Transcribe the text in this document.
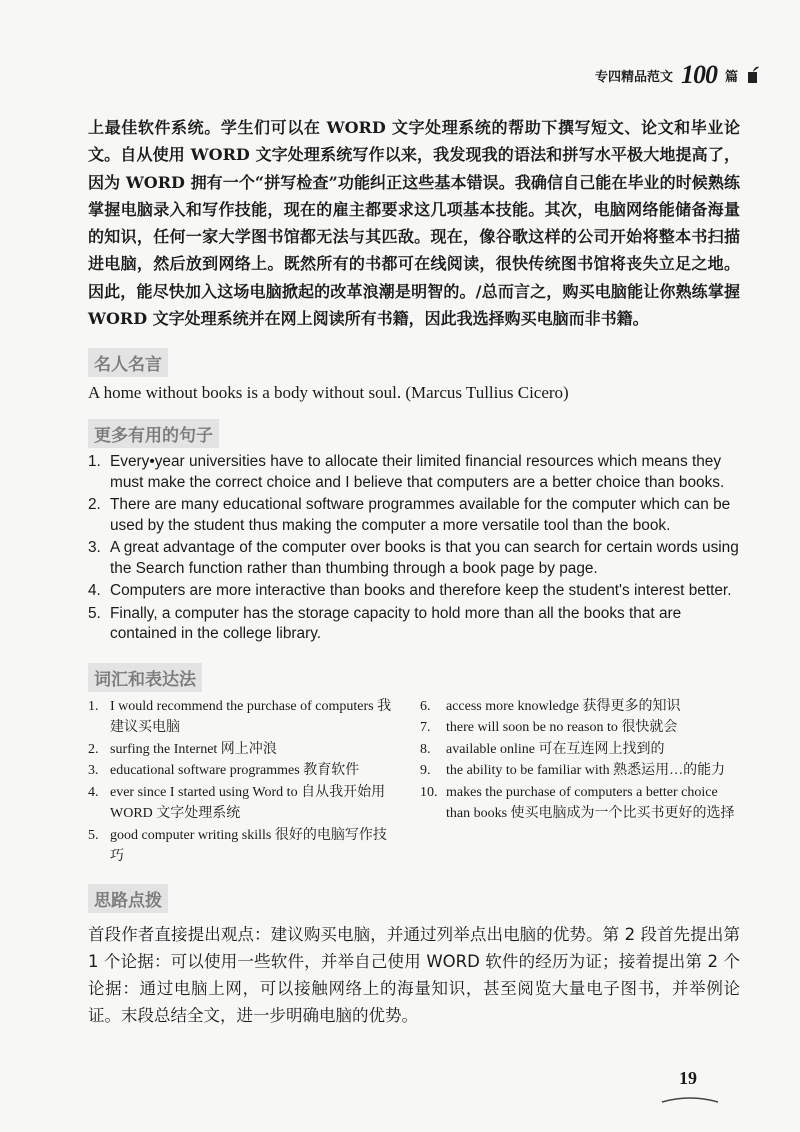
专四精品范文 100 篇

上最佳软件系统。学生们可以在 WORD 文字处理系统的帮助下撰写短文、论文和毕业论文。自从使用 WORD 文字处理系统写作以来，我发现我的语法和拼写水平极大地提高了，因为 WORD 拥有一个“拼写检查”功能纠正这些基本错误。我确信自己能在毕业的时候熟练掌握电脑录入和写作技能，现在的雇主都要求这几项基本技能。其次，电脑网络能储备海量的知识，任何一家大学图书馆都无法与其匹敌。现在，像谷歌这样的公司开始将整本书扫描进电脑，然后放到网络上。既然所有的书都可在线阅读，很快传统图书馆将丧失立足之地。因此，能尽快加入这场电脑掀起的改革浪潮是明智的。/总而言之，购买电脑能让你熟练掌握 WORD 文字处理系统并在网上阅读所有书籍，因此我选择购买电脑而非书籍。

名人名言

A home without books is a body without soul. (Marcus Tullius Cicero)

更多有用的句子
1. Every•year universities have to allocate their limited financial resources which means they must make the correct choice and I believe that computers are a better choice than books.
2. There are many educational software programmes available for the computer which can be used by the student thus making the computer a more versatile tool than the book.
3. A great advantage of the computer over books is that you can search for certain words using the Search function rather than thumbing through a book page by page.
4. Computers are more interactive than books and therefore keep the student's interest better.
5. Finally, a computer has the storage capacity to hold more than all the books that are contained in the college library.
词汇和表达法
1. I would recommend the purchase of computers 我建议买电脑
2. surfing the Internet 网上冲浪
3. educational software programmes 教育软件
4. ever since I started using Word to 自从我开始用 WORD 文字处理系统
5. good computer writing skills 很好的电脑写作技巧
6.	access more knowledge 获得更多的知识
7.	there will soon be no reason to 很快就会
8.	available online 可在互连网上找到的
9.	the ability to be familiar with 熟悉运用…的能力
10. makes the purchase of computers a better choice than books 使买电脑成为一个比买书更好的选择
思路点拨

首段作者直接提出观点：建议购买电脑，并通过列举点出电脑的优势。第 2 段首先提出第 1 个论据：可以使用一些软件，并举自己使用 WORD 软件的经历为证；接着提出第 2 个论据：通过电脑上网，可以接触网络上的海量知识，甚至阅览大量电子图书，并举例论证。末段总结全文，进一步明确电脑的优势。

19
